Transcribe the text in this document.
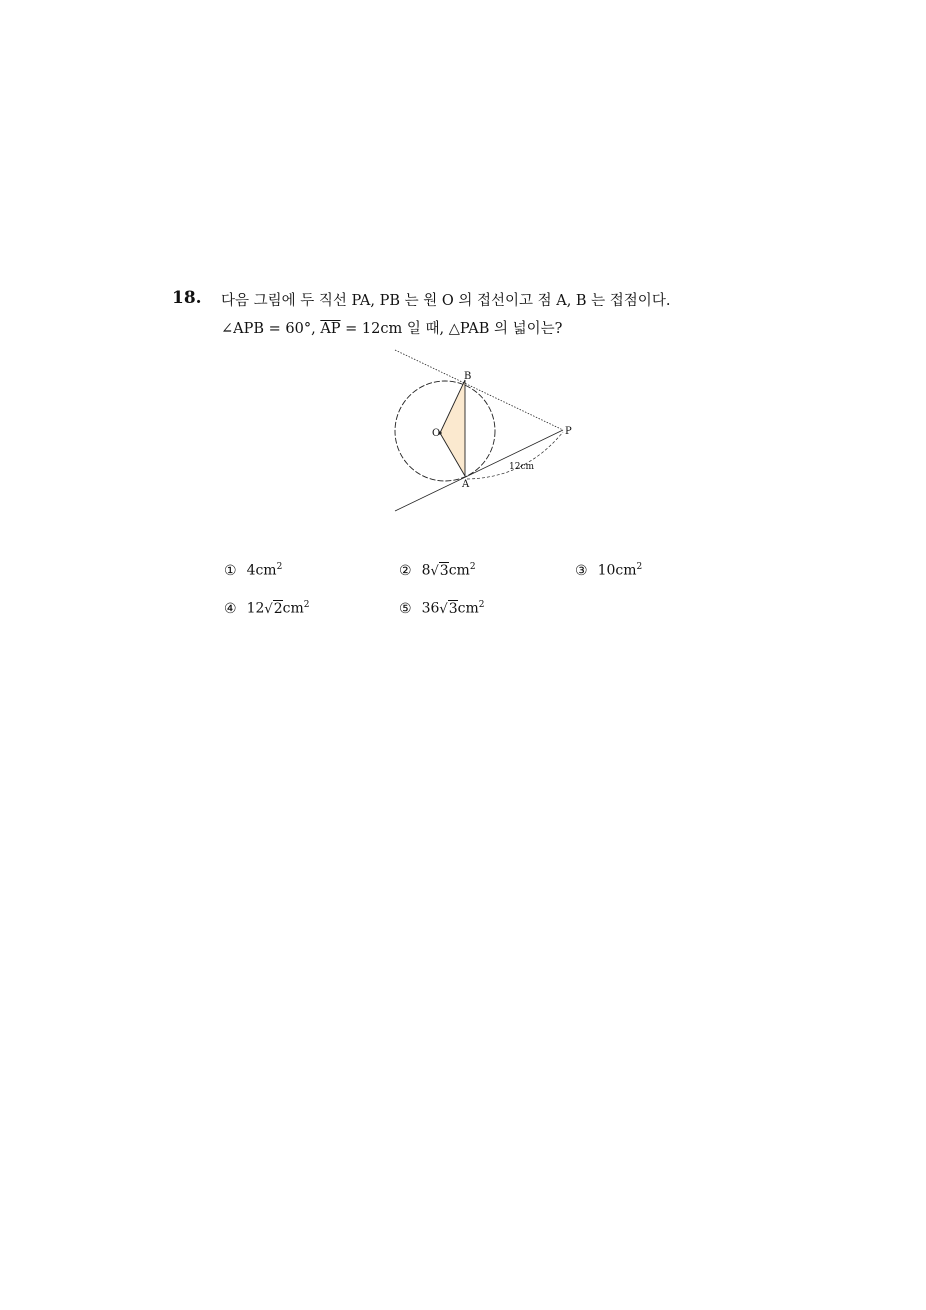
18. 다음 그림에 두 직선 PA, PB 는 원 O 의 접선이고 점 A, B 는 접점이다.
∠APB = 60°, $\overline{AP} = 12cm$ 일 때, △PAB 의 넓이는?
B
A
O	P
12cm
① $4cm^2$	② $8√3cm^2$	③ $10cm^2$
④ $12√2cm^2$	⑤ $36√3cm^2$
